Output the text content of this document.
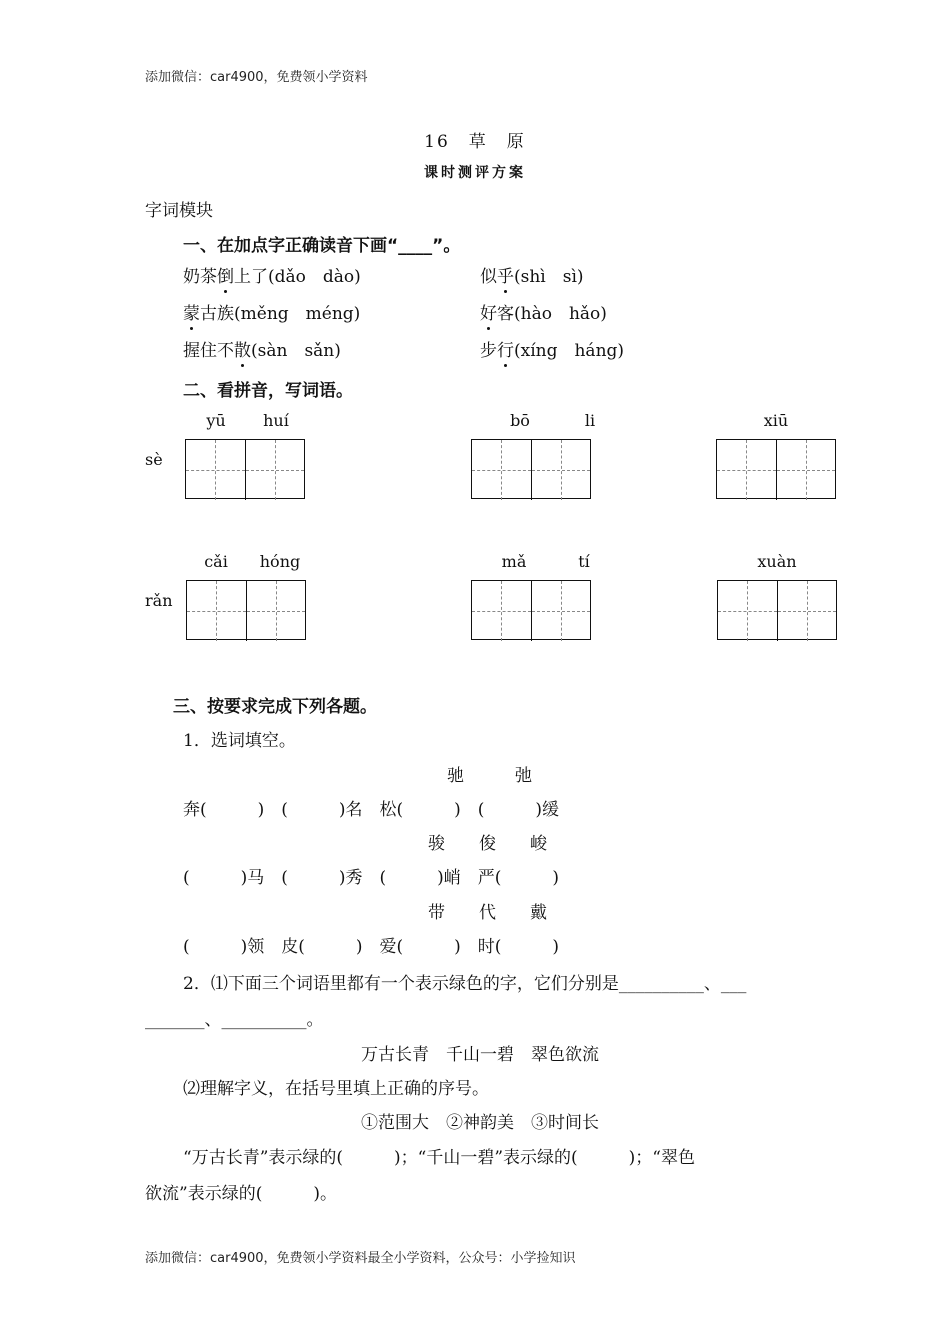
添加微信：car4900，免费领小学资料
16　草　原
课时测评方案
字词模块
一、在加点字正确读音下画“____”。
奶茶倒上了(dǎo　dào)	似乎(shì　sì)
蒙古族(měng　méng)	好客(hào　hǎo)
握住不散(sàn　sǎn)	步行(xíng　háng)
二、看拼音，写词语。
sè
yū	huí	bō	li	xiū
rǎn
cǎi	hóng	mǎ	tí	xuàn
三、按要求完成下列各题。
1．选词填空。
驰　　　弛
奔(　　　)　(　　　)名　松(　　　)　(　　　)缓
骏　　俊　　峻
(　　　)马　(　　　)秀　(　　　)峭　严(　　　)
带　　代　　戴
(　　　)领　皮(　　　)　爱(　　　)　时(　　　)
2．⑴下面三个词语里都有一个表示绿色的字，它们分别是__________、___
_______、__________。
万古长青　千山一碧　翠色欲流
⑵理解字义，在括号里填上正确的序号。
①范围大　②神韵美　③时间长
“万古长青”表示绿的(　　　)；“千山一碧”表示绿的(　　　)；“翠色
欲流”表示绿的(　　　)。
添加微信：car4900，免费领小学资料最全小学资料，公众号：小学捡知识
